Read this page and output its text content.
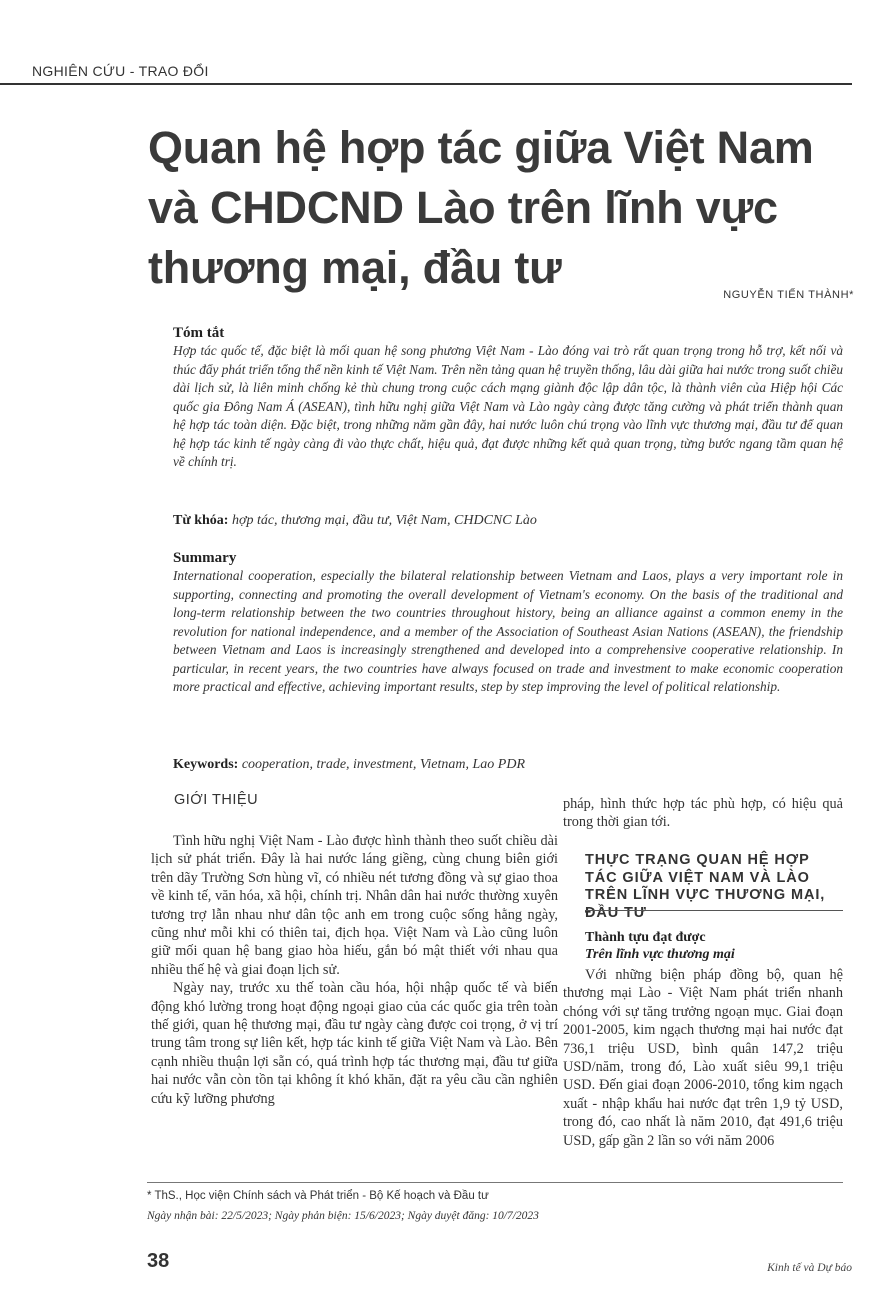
NGHIÊN CỨU - TRAO ĐỔI
Quan hệ hợp tác giữa Việt Nam và CHDCND Lào trên lĩnh vực thương mại, đầu tư
NGUYỄN TIẾN THÀNH*
Tóm tắt
Hợp tác quốc tế, đặc biệt là mối quan hệ song phương Việt Nam - Lào đóng vai trò rất quan trọng trong hỗ trợ, kết nối và thúc đẩy phát triển tổng thể nền kinh tế Việt Nam. Trên nền tảng quan hệ truyền thống, lâu dài giữa hai nước trong suốt chiều dài lịch sử, là liên minh chống kẻ thù chung trong cuộc cách mạng giành độc lập dân tộc, là thành viên của Hiệp hội Các quốc gia Đông Nam Á (ASEAN), tình hữu nghị giữa Việt Nam và Lào ngày càng được tăng cường và phát triển thành quan hệ hợp tác toàn diện. Đặc biệt, trong những năm gần đây, hai nước luôn chú trọng vào lĩnh vực thương mại, đầu tư để quan hệ hợp tác kinh tế ngày càng đi vào thực chất, hiệu quả, đạt được những kết quả quan trọng, từng bước ngang tầm quan hệ về chính trị.
Từ khóa: hợp tác, thương mại, đầu tư, Việt Nam, CHDCNC Lào
Summary
International cooperation, especially the bilateral relationship between Vietnam and Laos, plays a very important role in supporting, connecting and promoting the overall development of Vietnam's economy. On the basis of the traditional and long-term relationship between the two countries throughout history, being an alliance against a common enemy in the revolution for national independence, and a member of the Association of Southeast Asian Nations (ASEAN), the friendship between Vietnam and Laos is increasingly strengthened and developed into a comprehensive cooperative relationship. In particular, in recent years, the two countries have always focused on trade and investment to make economic cooperation more practical and effective, achieving important results, step by step improving the level of political relationship.
Keywords: cooperation, trade, investment, Vietnam, Lao PDR
GIỚI THIỆU

Tình hữu nghị Việt Nam - Lào được hình thành theo suốt chiều dài lịch sử phát triển. Đây là hai nước láng giềng, cùng chung biên giới trên dãy Trường Sơn hùng vĩ, có nhiều nét tương đồng và sự giao thoa về kinh tế, văn hóa, xã hội, chính trị. Nhân dân hai nước thường xuyên tương trợ lẫn nhau như dân tộc anh em trong cuộc sống hằng ngày, cũng như mỗi khi có thiên tai, địch họa. Việt Nam và Lào cũng luôn giữ mối quan hệ bang giao hòa hiếu, gắn bó mật thiết với nhau qua nhiều thế hệ và giai đoạn lịch sử.

Ngày nay, trước xu thế toàn cầu hóa, hội nhập quốc tế và biến động khó lường trong hoạt động ngoại giao của các quốc gia trên toàn thế giới, quan hệ thương mại, đầu tư ngày càng được coi trọng, ở vị trí trung tâm trong sự liên kết, hợp tác kinh tế giữa Việt Nam và Lào. Bên cạnh nhiều thuận lợi sẵn có, quá trình hợp tác thương mại, đầu tư giữa hai nước vẫn còn tồn tại không ít khó khăn, đặt ra yêu cầu cần nghiên cứu kỹ lưỡng phương

pháp, hình thức hợp tác phù hợp, có hiệu quả trong thời gian tới.

THỰC TRẠNG QUAN HỆ HỢP TÁC GIỮA VIỆT NAM VÀ LÀO TRÊN LĨNH VỰC THƯƠNG MẠI, ĐẦU TƯ
Thành tựu đạt được
Trên lĩnh vực thương mại

Với những biện pháp đồng bộ, quan hệ thương mại Lào - Việt Nam phát triển nhanh chóng với sự tăng trưởng ngoạn mục. Giai đoạn 2001-2005, kim ngạch thương mại hai nước đạt 736,1 triệu USD, bình quân 147,2 triệu USD/năm, trong đó, Lào xuất siêu 99,1 triệu USD. Đến giai đoạn 2006-2010, tổng kim ngạch xuất - nhập khẩu hai nước đạt trên 1,9 tỷ USD, trong đó, cao nhất là năm 2010, đạt 491,6 triệu USD, gấp gần 2 lần so với năm 2006

* ThS., Học viện Chính sách và Phát triển - Bộ Kế hoạch và Đầu tư
Ngày nhận bài: 22/5/2023; Ngày phản biện: 15/6/2023; Ngày duyệt đăng: 10/7/2023
38	Kinh tế và Dự báo
